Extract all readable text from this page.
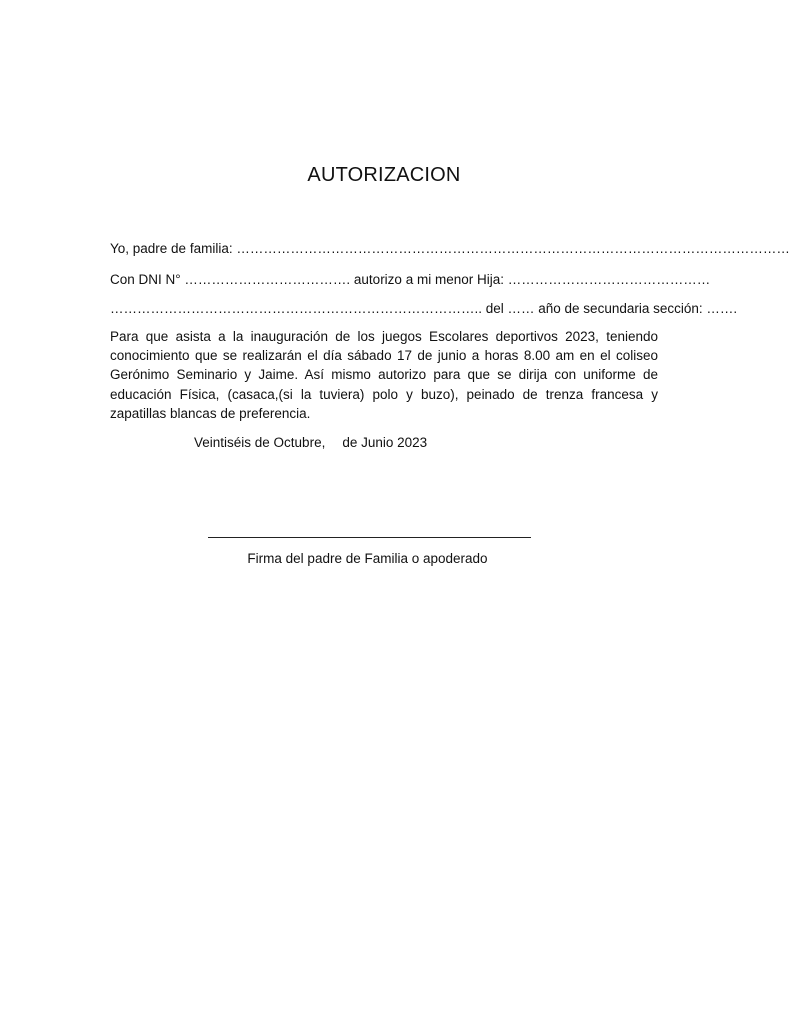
AUTORIZACION
Yo, padre de familia: ……………………………………………………………………………………………………………
Con DNI N° ………………………………. autorizo a mi menor Hija: ………………………………………
……………………………………………………………………….. del …… año de secundaria sección: …….
Para que asista a la inauguración de los juegos Escolares deportivos 2023, teniendo conocimiento que se realizarán el día sábado 17 de junio a horas 8.00 am en el coliseo Gerónimo Seminario y Jaime. Así mismo autorizo para que se dirija con uniforme de educación Física, (casaca,(si la tuviera) polo y buzo), peinado de trenza francesa y zapatillas blancas de preferencia.
Veintiséis de Octubre, de Junio 2023
Firma del padre de Familia o apoderado
